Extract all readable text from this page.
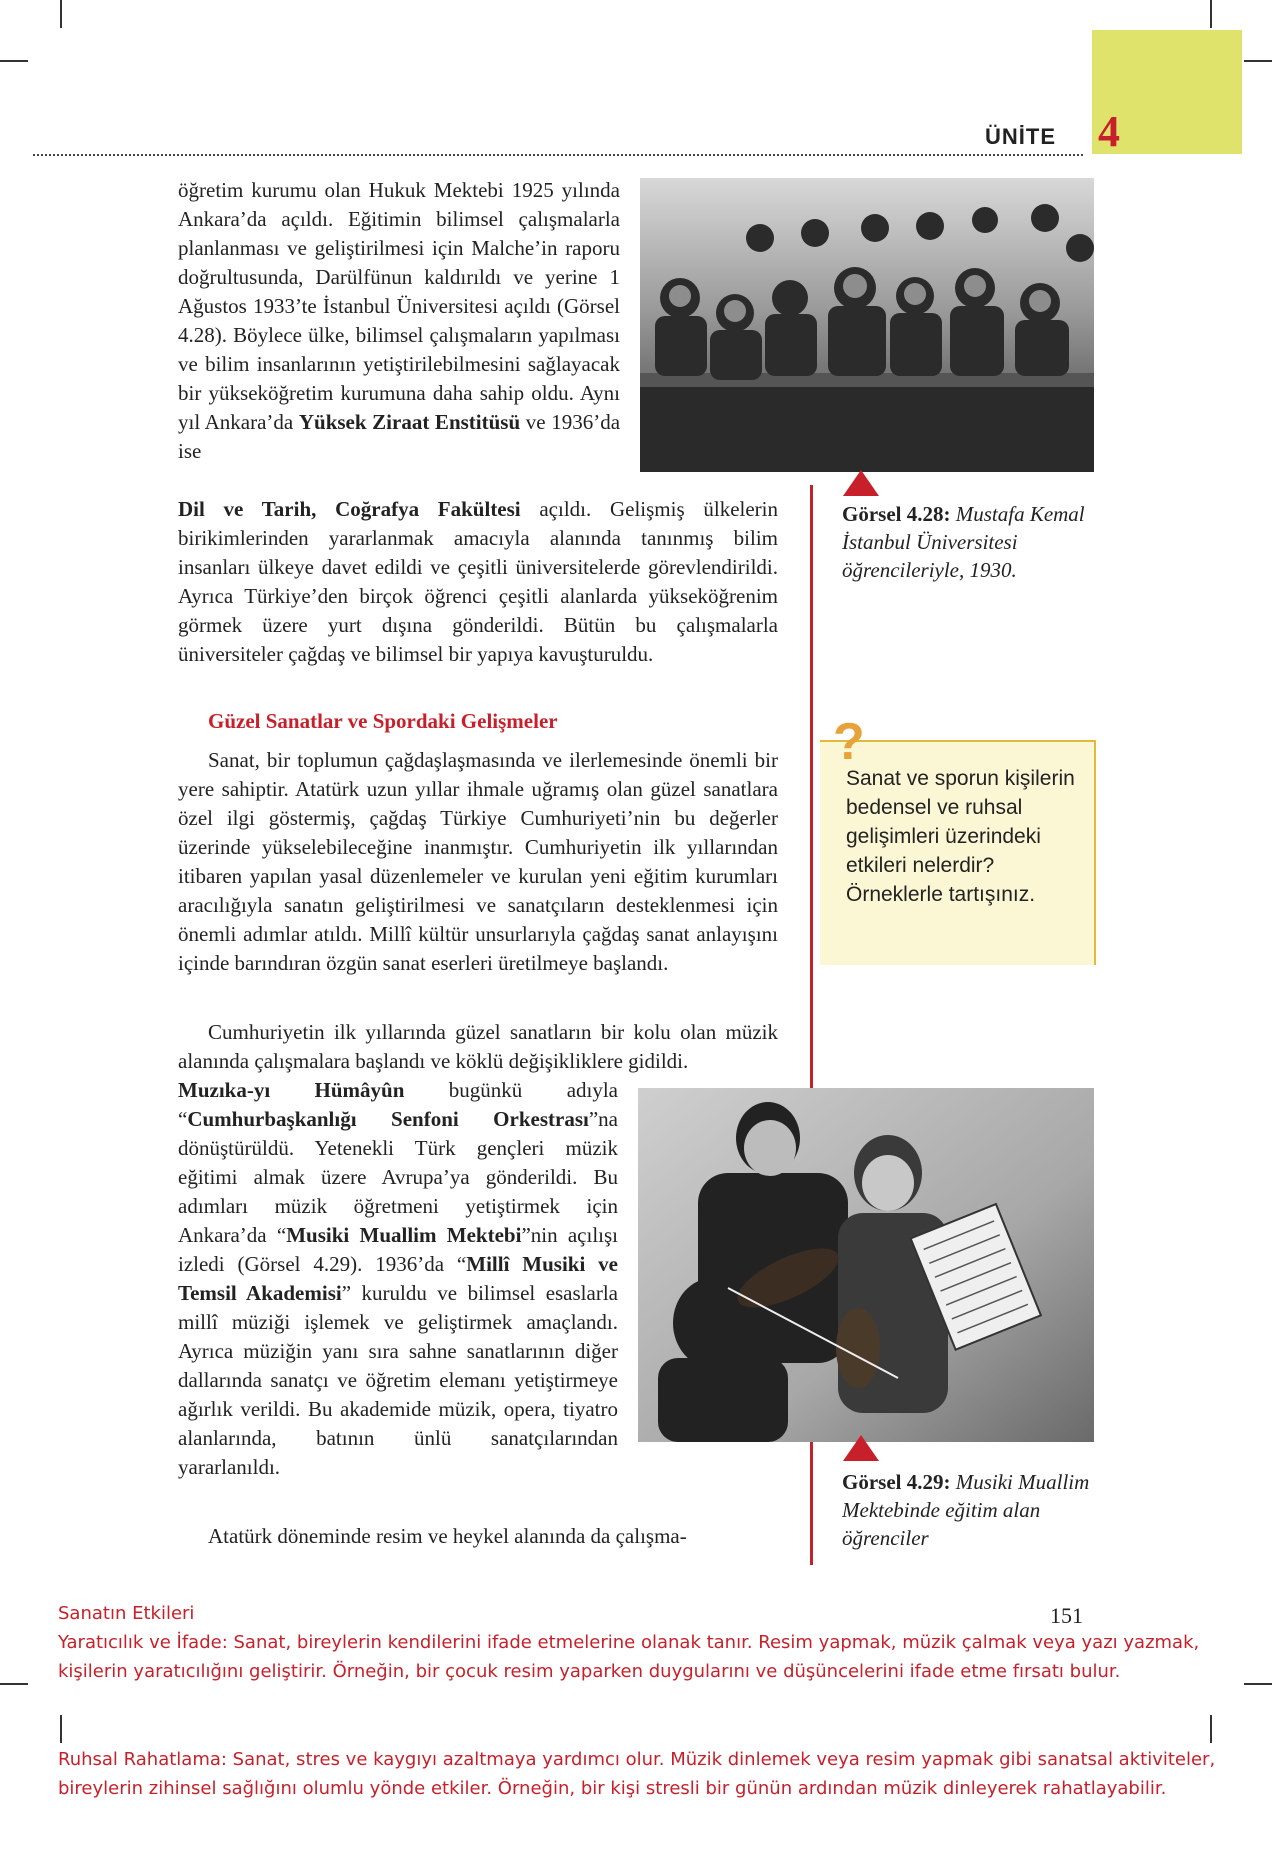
ÜNİTE 4
Görsel 4.28: Mustafa Kemal İstanbul Üniversitesi öğrencileriyle, 1930.

öğretim kurumu olan Hukuk Mektebi 1925 yılında Ankara’da açıldı. Eğitimin bilimsel çalışmalarla planlanması ve geliştirilmesi için Malche’in raporu doğrultusunda, Darülfünun kaldırıldı ve yerine 1 Ağustos 1933’te İstanbul Üniversitesi açıldı (Görsel 4.28). Böylece ülke, bilimsel çalışmaların yapılması ve bilim insanlarının yetiştirilebilmesini sağlayacak bir yükseköğretim kurumuna daha sahip oldu. Aynı yıl Ankara’da Yüksek Ziraat Enstitüsü ve 1936’da ise

Dil ve Tarih, Coğrafya Fakültesi açıldı. Gelişmiş ülkelerin birikimlerinden yararlanmak amacıyla alanında tanınmış bilim insanları ülkeye davet edildi ve çeşitli üniversitelerde görevlendirildi. Ayrıca Türkiye’den birçok öğrenci çeşitli alanlarda yükseköğrenim görmek üzere yurt dışına gönderildi. Bütün bu çalışmalarla üniversiteler çağdaş ve bilimsel bir yapıya kavuşturuldu.

Güzel Sanatlar ve Spordaki Gelişmeler

Sanat, bir toplumun çağdaşlaşmasında ve ilerlemesinde önemli bir yere sahiptir. Atatürk uzun yıllar ihmale uğramış olan güzel sanatlara özel ilgi göstermiş, çağdaş Türkiye Cumhuriyeti’nin bu değerler üzerinde yükselebileceğine inanmıştır. Cumhuriyetin ilk yıllarından itibaren yapılan yasal düzenlemeler ve kurulan yeni eğitim kurumları aracılığıyla sanatın geliştirilmesi ve sanatçıların desteklenmesi için önemli adımlar atıldı. Millî kültür unsurlarıyla çağdaş sanat anlayışını içinde barındıran özgün sanat eserleri üretilmeye başlandı.

?
Sanat ve sporun kişilerin bedensel ve ruhsal gelişimleri üzerindeki etkileri nelerdir? Örneklerle tartışınız.

Cumhuriyetin ilk yıllarında güzel sanatların bir kolu olan müzik alanında çalışmalara başlandı ve köklü değişikliklere gidildi.

Muzıka-yı Hümâyûn bugünkü adıyla “Cumhurbaşkanlığı Senfoni Orkestrası”na dönüştürüldü. Yetenekli Türk gençleri müzik eğitimi almak üzere Avrupa’ya gönderildi. Bu adımları müzik öğretmeni yetiştirmek için Ankara’da “Musiki Muallim Mektebi”nin açılışı izledi (Görsel 4.29). 1936’da “Millî Musiki ve Temsil Akademisi” kuruldu ve bilimsel esaslarla millî müziği işlemek ve geliştirmek amaçlandı. Ayrıca müziğin yanı sıra sahne sanatlarının diğer dallarında sanatçı ve öğretim elemanı yetiştirmeye ağırlık verildi. Bu akademide müzik, opera, tiyatro alanlarında, batının ünlü sanatçılarından yararlanıldı.

Görsel 4.29: Musiki Muallim Mektebinde eğitim alan öğrenciler

Atatürk döneminde resim ve heykel alanında da çalışma-

151
Sanatın Etkileri
Yaratıcılık ve İfade: Sanat, bireylerin kendilerini ifade etmelerine olanak tanır. Resim yapmak, müzik çalmak veya yazı yazmak, kişilerin yaratıcılığını geliştirir. Örneğin, bir çocuk resim yaparken duygularını ve düşüncelerini ifade etme fırsatı bulur.
Ruhsal Rahatlama: Sanat, stres ve kaygıyı azaltmaya yardımcı olur. Müzik dinlemek veya resim yapmak gibi sanatsal aktiviteler, bireylerin zihinsel sağlığını olumlu yönde etkiler. Örneğin, bir kişi stresli bir günün ardından müzik dinleyerek rahatlayabilir.
